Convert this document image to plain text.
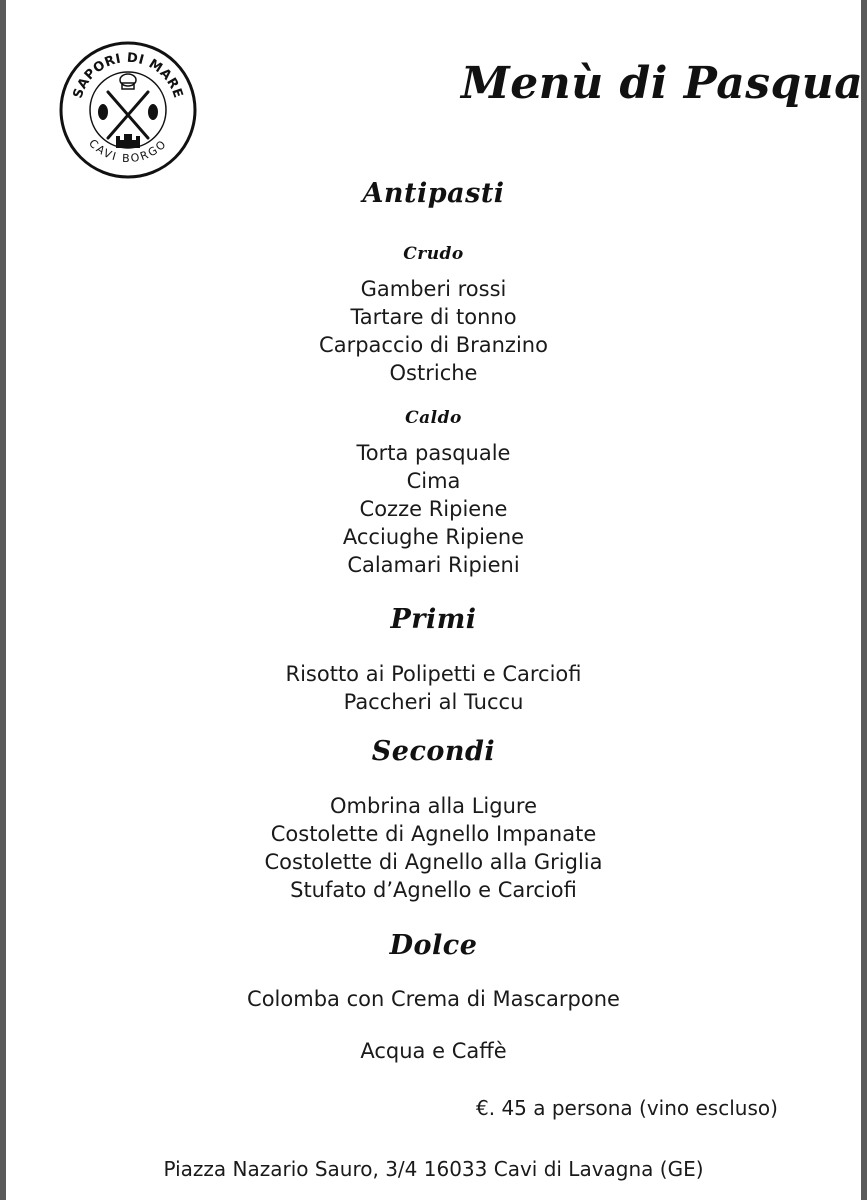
SAPORI DI MARE
CAVI BORGO
Menù di Pasqua
Antipasti
Crudo

Gamberi rossi

Tartare di tonno

Carpaccio di Branzino

Ostriche

Caldo

Torta pasquale

Cima

Cozze Ripiene

Acciughe Ripiene

Calamari Ripieni

Primi

Risotto ai Polipetti e Carciofi

Paccheri al Tuccu

Secondi

Ombrina alla Ligure

Costolette di Agnello Impanate

Costolette di Agnello alla Griglia

Stufato d’Agnello e Carciofi

Dolce

Colomba con Crema di Mascarpone

Acqua e Caffè

€. 45 a persona (vino escluso)
Piazza Nazario Sauro, 3/4 16033 Cavi di Lavagna (GE)
